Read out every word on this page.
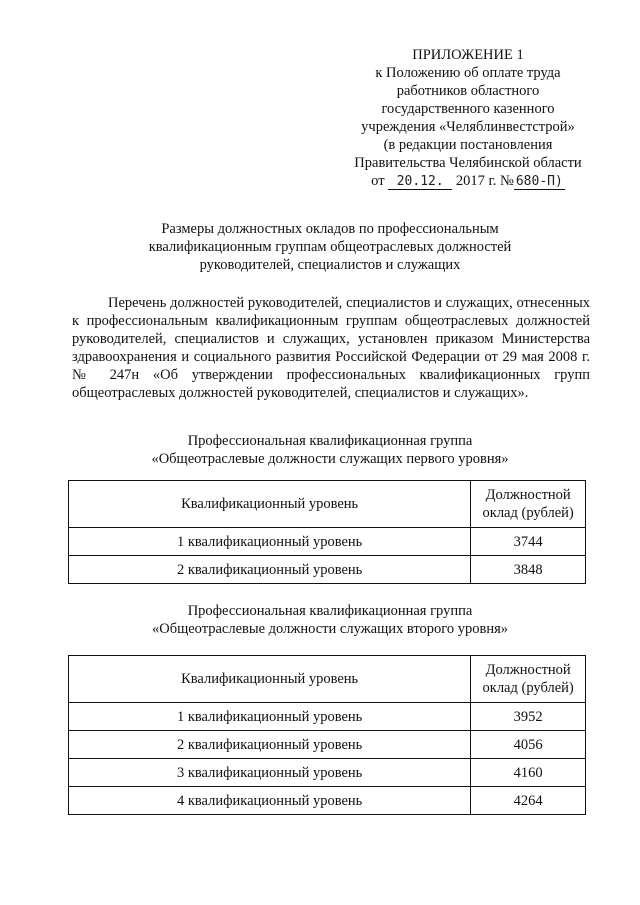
ПРИЛОЖЕНИЕ 1
к Положению об оплате труда
работников областного
государственного казенного
учреждения «Челяблинвестстрой»
(в редакции постановления
Правительства Челябинской области
от 20.12. 2017 г. № 680-П)
Размеры должностных окладов по профессиональным
квалификационным группам общеотраслевых должностей
руководителей, специалистов и служащих

Перечень должностей руководителей, специалистов и служащих, отнесенных к профессиональным квалификационным группам общеотраслевых должностей руководителей, специалистов и служащих, установлен приказом Министерства здравоохранения и социального развития Российской Федерации от 29 мая 2008 г. № 247н «Об утверждении профессиональных квалификационных групп общеотраслевых должностей руководителей, специалистов и служащих».

Профессиональная квалификационная группа
«Общеотраслевые должности служащих первого уровня»
Квалификационный уровень	Должностной
оклад (рублей)

1 квалификационный уровень	3744
2 квалификационный уровень	3848
Профессиональная квалификационная группа
«Общеотраслевые должности служащих второго уровня»
Квалификационный уровень	Должностной
оклад (рублей)

1 квалификационный уровень	3952
2 квалификационный уровень	4056
3 квалификационный уровень	4160
4 квалификационный уровень	4264
